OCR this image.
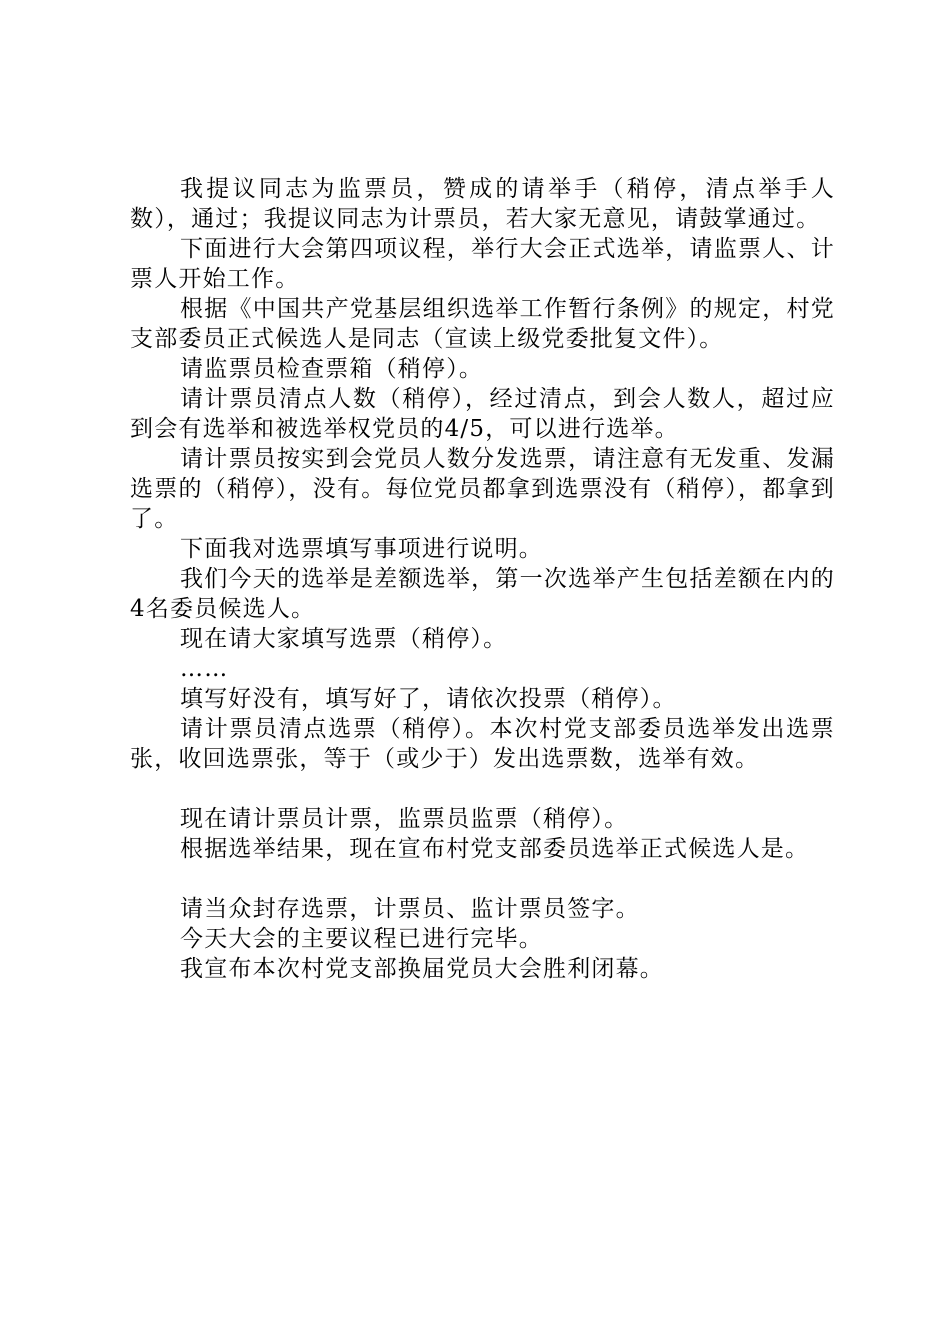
我提议同志为监票员，赞成的请举手（稍停，清点举手人数），通过；我提议同志为计票员，若大家无意见，请鼓掌通过。

下面进行大会第四项议程，举行大会正式选举，请监票人、计票人开始工作。

根据《中国共产党基层组织选举工作暂行条例》的规定，村党支部委员正式候选人是同志（宣读上级党委批复文件）。

请监票员检查票箱（稍停）。

请计票员清点人数（稍停），经过清点，到会人数人，超过应到会有选举和被选举权党员的4/5，可以进行选举。

请计票员按实到会党员人数分发选票，请注意有无发重、发漏选票的（稍停），没有。每位党员都拿到选票没有（稍停），都拿到了。

下面我对选票填写事项进行说明。

我们今天的选举是差额选举，第一次选举产生包括差额在内的4名委员候选人。

现在请大家填写选票（稍停）。

……

填写好没有，填写好了，请依次投票（稍停）。

请计票员清点选票（稍停）。本次村党支部委员选举发出选票张，收回选票张，等于（或少于）发出选票数，选举有效。

现在请计票员计票，监票员监票（稍停）。

根据选举结果，现在宣布村党支部委员选举正式候选人是。

请当众封存选票，计票员、监计票员签字。

今天大会的主要议程已进行完毕。

我宣布本次村党支部换届党员大会胜利闭幕。
